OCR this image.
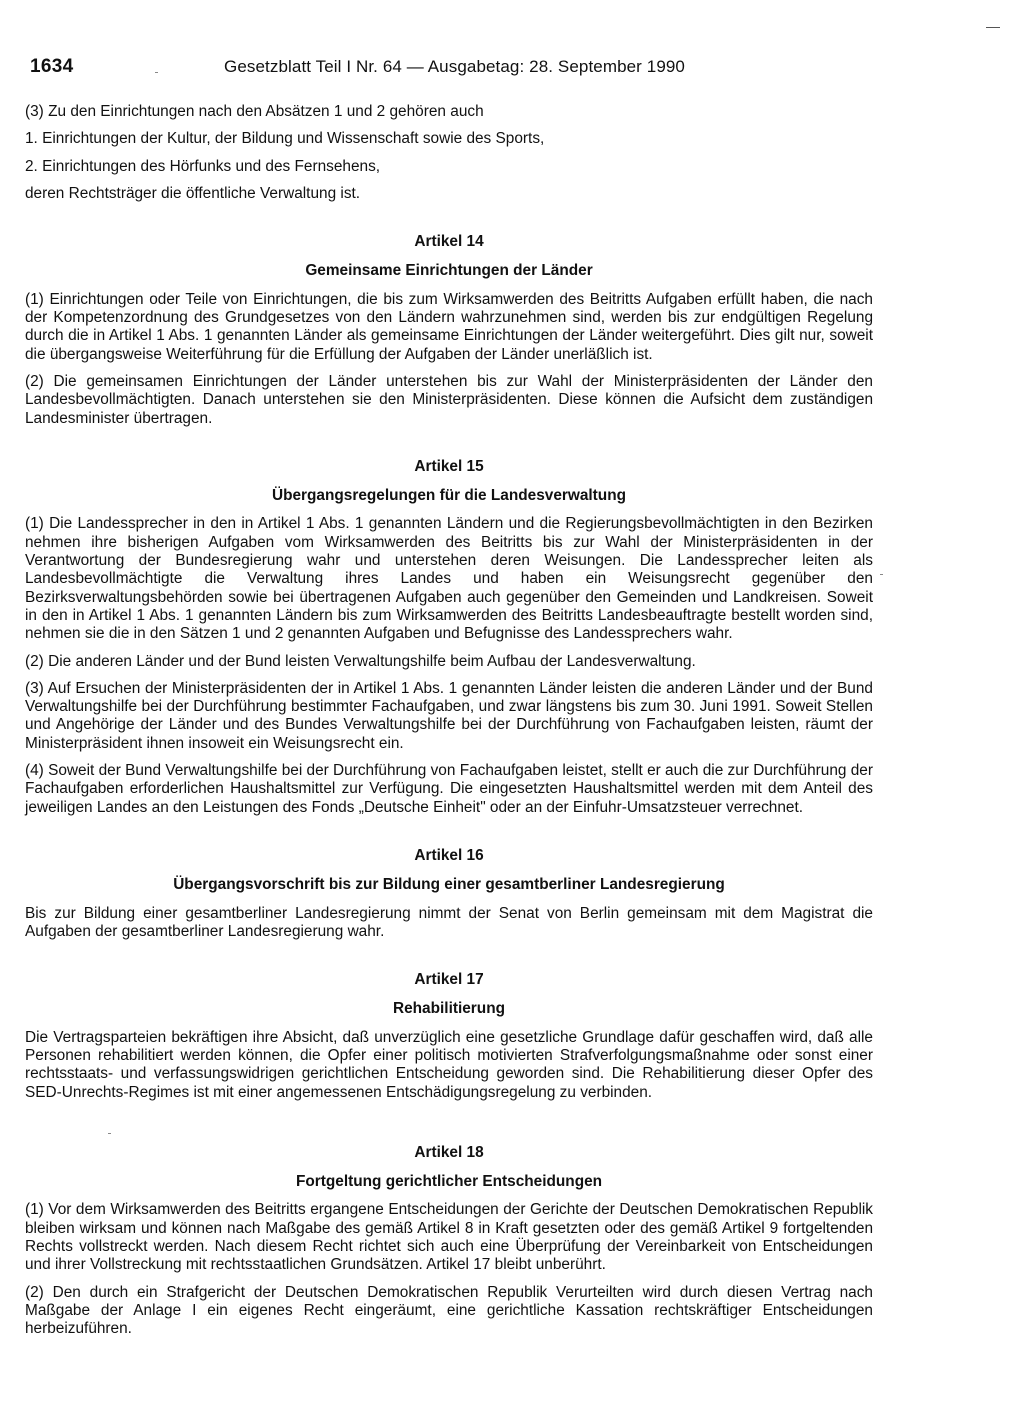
1634	Gesetzblatt Teil I Nr. 64 — Ausgabetag: 28. September 1990

(3) Zu den Einrichtungen nach den Absätzen 1 und 2 gehören auch

1. Einrichtungen der Kultur, der Bildung und Wissenschaft sowie des Sports,

2. Einrichtungen des Hörfunks und des Fernsehens,

deren Rechtsträger die öffentliche Verwaltung ist.

Artikel 14
Gemeinsame Einrichtungen der Länder

(1) Einrichtungen oder Teile von Einrichtungen, die bis zum Wirksamwerden des Beitritts Aufgaben erfüllt haben, die nach der Kompetenzordnung des Grundgesetzes von den Ländern wahrzunehmen sind, werden bis zur endgültigen Regelung durch die in Artikel 1 Abs. 1 genannten Länder als gemeinsame Einrichtungen der Länder weitergeführt. Dies gilt nur, soweit die übergangsweise Weiterführung für die Erfüllung der Aufgaben der Länder unerläßlich ist.

(2) Die gemeinsamen Einrichtungen der Länder unterstehen bis zur Wahl der Ministerpräsidenten der Länder den Landesbevollmächtigten. Danach unterstehen sie den Ministerpräsidenten. Diese können die Aufsicht dem zuständigen Landesminister übertragen.

Artikel 15
Übergangsregelungen für die Landesverwaltung

(1) Die Landessprecher in den in Artikel 1 Abs. 1 genannten Ländern und die Regierungsbevollmächtigten in den Bezirken nehmen ihre bisherigen Aufgaben vom Wirksamwerden des Beitritts bis zur Wahl der Ministerpräsidenten in der Verantwortung der Bundesregierung wahr und unterstehen deren Weisungen. Die Landessprecher leiten als Landesbevollmächtigte die Verwaltung ihres Landes und haben ein Weisungsrecht gegenüber den Bezirksverwaltungsbehörden sowie bei übertragenen Aufgaben auch gegenüber den Gemeinden und Landkreisen. Soweit in den in Artikel 1 Abs. 1 genannten Ländern bis zum Wirksamwerden des Beitritts Landesbeauftragte bestellt worden sind, nehmen sie die in den Sätzen 1 und 2 genannten Aufgaben und Befugnisse des Landessprechers wahr.

(2) Die anderen Länder und der Bund leisten Verwaltungshilfe beim Aufbau der Landesverwaltung.

(3) Auf Ersuchen der Ministerpräsidenten der in Artikel 1 Abs. 1 genannten Länder leisten die anderen Länder und der Bund Verwaltungshilfe bei der Durchführung bestimmter Fachaufgaben, und zwar längstens bis zum 30. Juni 1991. Soweit Stellen und Angehörige der Länder und des Bundes Verwaltungshilfe bei der Durchführung von Fachaufgaben leisten, räumt der Ministerpräsident ihnen insoweit ein Weisungsrecht ein.

(4) Soweit der Bund Verwaltungshilfe bei der Durchführung von Fachaufgaben leistet, stellt er auch die zur Durchführung der Fachaufgaben erforderlichen Haushaltsmittel zur Verfügung. Die eingesetzten Haushaltsmittel werden mit dem Anteil des jeweiligen Landes an den Leistungen des Fonds „Deutsche Einheit" oder an der Einfuhr-Umsatzsteuer verrechnet.

Artikel 16
Übergangsvorschrift bis zur Bildung einer gesamtberliner Landesregierung

Bis zur Bildung einer gesamtberliner Landesregierung nimmt der Senat von Berlin gemeinsam mit dem Magistrat die Aufgaben der gesamtberliner Landesregierung wahr.

Artikel 17
Rehabilitierung

Die Vertragsparteien bekräftigen ihre Absicht, daß unverzüglich eine gesetzliche Grundlage dafür geschaffen wird, daß alle Personen rehabilitiert werden können, die Opfer einer politisch motivierten Strafverfolgungsmaßnahme oder sonst einer rechtsstaats- und verfassungswidrigen gerichtlichen Entscheidung geworden sind. Die Rehabilitierung dieser Opfer des SED-Unrechts-Regimes ist mit einer angemessenen Entschädigungsregelung zu verbinden.

Artikel 18
Fortgeltung gerichtlicher Entscheidungen

(1) Vor dem Wirksamwerden des Beitritts ergangene Entscheidungen der Gerichte der Deutschen Demokratischen Republik bleiben wirksam und können nach Maßgabe des gemäß Artikel 8 in Kraft gesetzten oder des gemäß Artikel 9 fortgeltenden Rechts vollstreckt werden. Nach diesem Recht richtet sich auch eine Überprüfung der Vereinbarkeit von Entscheidungen und ihrer Vollstreckung mit rechtsstaatlichen Grundsätzen. Artikel 17 bleibt unberührt.

(2) Den durch ein Strafgericht der Deutschen Demokratischen Republik Verurteilten wird durch diesen Vertrag nach Maßgabe der Anlage I ein eigenes Recht eingeräumt, eine gerichtliche Kassation rechtskräftiger Entscheidungen herbeizuführen.
